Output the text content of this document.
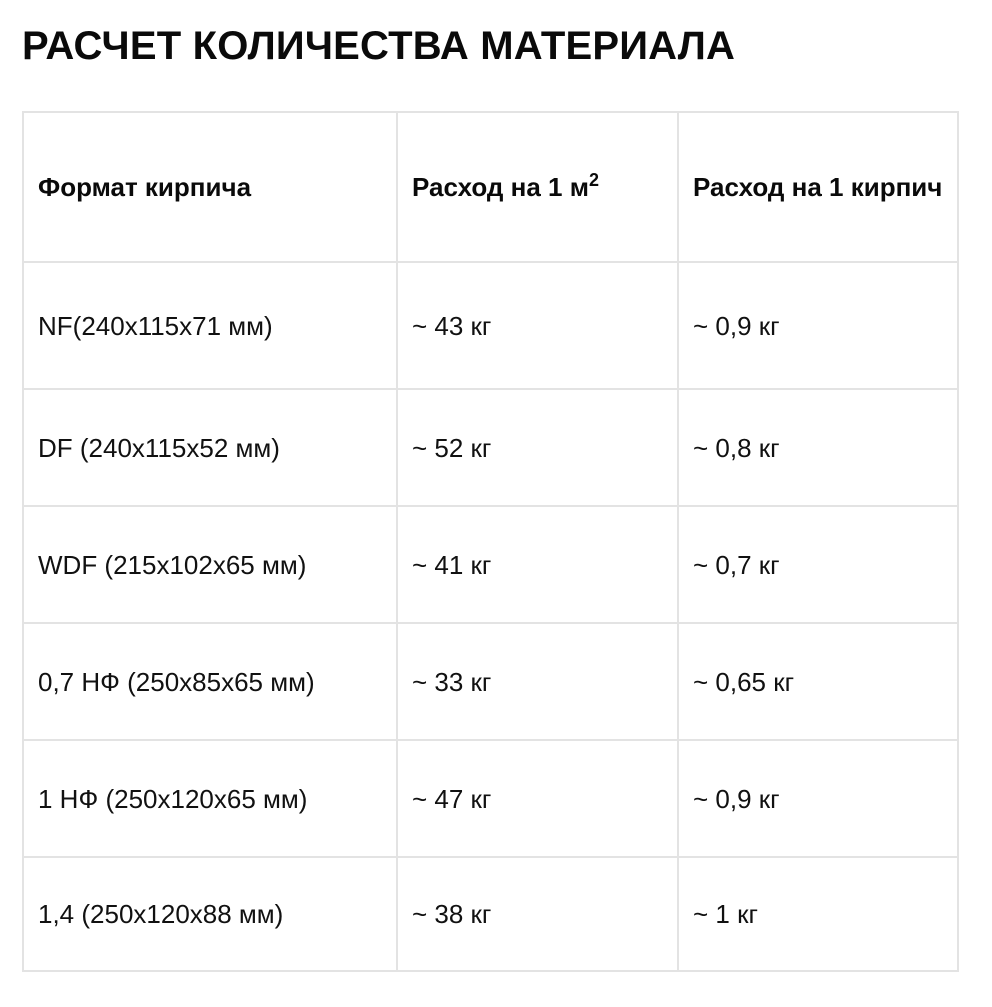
РАСЧЕТ КОЛИЧЕСТВА МАТЕРИАЛА
Формат кирпича	Расход на 1 $м^2$	Расход на 1 кирпич
NF(240x115x71 мм)	~ 43 кг	~ 0,9 кг
DF (240x115x52 мм)	~ 52 кг	~ 0,8 кг
WDF (215x102x65 мм)	~ 41 кг	~ 0,7 кг
0,7 НФ (250x85x65 мм)	~ 33 кг	~ 0,65 кг
1 НФ (250x120x65 мм)	~ 47 кг	~ 0,9 кг
1,4 (250x120x88 мм)	~ 38 кг	~ 1 кг
